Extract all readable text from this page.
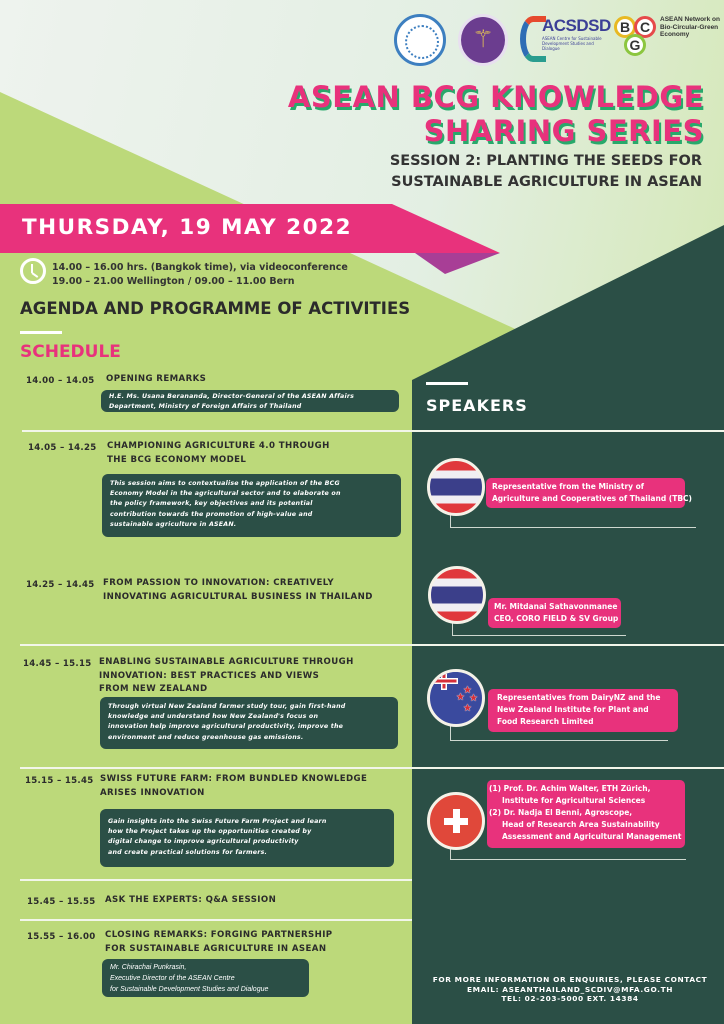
⚚
ACSDSD
ASEAN Centre for Sustainable Development Studies and Dialogue
B C
G
ASEAN Network on Bio-Circular-Green Economy
ASEAN BCG KNOWLEDGE
SHARING SERIES
SESSION 2: PLANTING THE SEEDS FOR
SUSTAINABLE AGRICULTURE IN ASEAN
THURSDAY, 19 MAY 2022
14.00 – 16.00 hrs. (Bangkok time), via videoconference
19.00 – 21.00 Wellington / 09.00 – 11.00 Bern
AGENDA AND PROGRAMME OF ACTIVITIES
SCHEDULE
14.00 – 14.05 OPENING REMARKS
H.E. Ms. Usana Berananda, Director-General of the ASEAN Affairs
Department, Ministry of Foreign Affairs of Thailand
14.05 – 14.25 CHAMPIONING AGRICULTURE 4.0 THROUGH
THE BCG ECONOMY MODEL
This session aims to contextualise the application of the BCG
Economy Model in the agricultural sector and to elaborate on
the policy framework, key objectives and its potential
contribution towards the promotion of high-value and
sustainable agriculture in ASEAN.
14.25 – 14.45 FROM PASSION TO INNOVATION: CREATIVELY
INNOVATING AGRICULTURAL BUSINESS IN THAILAND
14.45 – 15.15 ENABLING SUSTAINABLE AGRICULTURE THROUGH
INNOVATION: BEST PRACTICES AND VIEWS
FROM NEW ZEALAND
Through virtual New Zealand farmer study tour, gain first-hand
knowledge and understand how New Zealand's focus on
innovation help improve agricultural productivity, improve the
environment and reduce greenhouse gas emissions.
15.15 – 15.45 SWISS FUTURE FARM: FROM BUNDLED KNOWLEDGE
ARISES INNOVATION
Gain insights into the Swiss Future Farm Project and learn
how the Project takes up the opportunities created by
digital change to improve agricultural productivity
and create practical solutions for farmers.
15.45 – 15.55 ASK THE EXPERTS: Q&A SESSION
15.55 – 16.00 CLOSING REMARKS: FORGING PARTNERSHIP
FOR SUSTAINABLE AGRICULTURE IN ASEAN
Mr. Chirachai Punkrasin,
Executive Director of the ASEAN Centre
for Sustainable Development Studies and Dialogue
SPEAKERS
Representative from the Ministry of
Agriculture and Cooperatives of Thailand (TBC)
Mr. Mitdanai Sathavonmanee
CEO, CORO FIELD & SV Group
★
★ ★
★
Representatives from DairyNZ and the
New Zealand Institute for Plant and
Food Research Limited
(1) Prof. Dr. Achim Walter, ETH Zürich,
Institute for Agricultural Sciences
(2) Dr. Nadja El Benni, Agroscope,
Head of Research Area Sustainability
Assessment and Agricultural Management
FOR MORE INFORMATION OR ENQUIRIES, PLEASE CONTACT
EMAIL: ASEANTHAILAND_SCDIV@MFA.GO.TH
TEL: 02-203-5000 EXT. 14384
